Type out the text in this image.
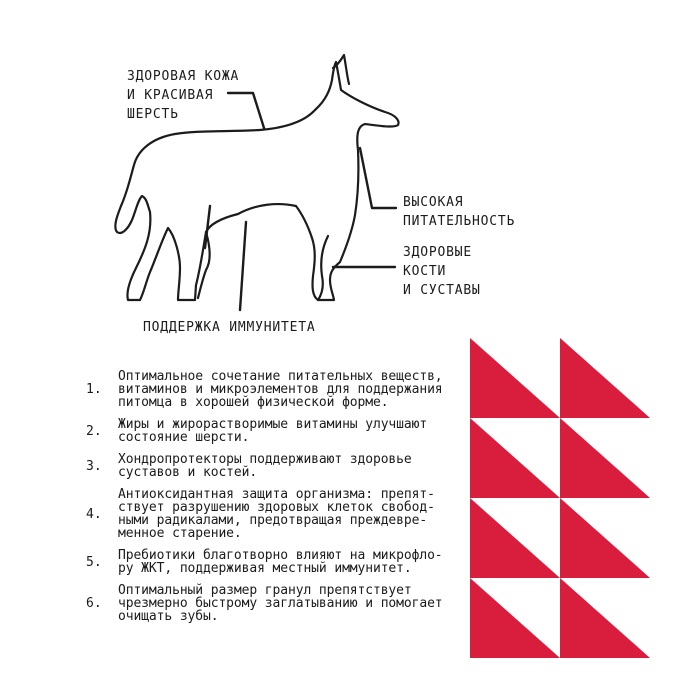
ЗДОРОВАЯ КОЖА
И КРАСИВАЯ
ШЕРСТЬ
ВЫСОКАЯ
ПИТАТЕЛЬНОСТЬ
ЗДОРОВЫЕ
КОСТИ
И СУСТАВЫ
ПОДДЕРЖКА ИММУНИТЕТА
1.
Оптимальное сочетание питательных веществ,
витаминов и микроэлементов для поддержания
питомца в хорошей физической форме.
2.	Жиры и жирорастворимые витамины улучшают
состояние шерсти.
3.	Хондропротекторы поддерживают здоровье
суставов и костей.
4.
Антиоксидантная защита организма: препят-
ствует разрушению здоровых клеток свобод-
ными радикалами, предотвращая преждевре-
менное старение.
5.	Пребиотики благотворно влияют на микрофло-
ру ЖКТ, поддерживая местный иммунитет.
6.
Оптимальный размер гранул препятствует
чрезмерно быстрому заглатыванию и помогает
очищать зубы.
